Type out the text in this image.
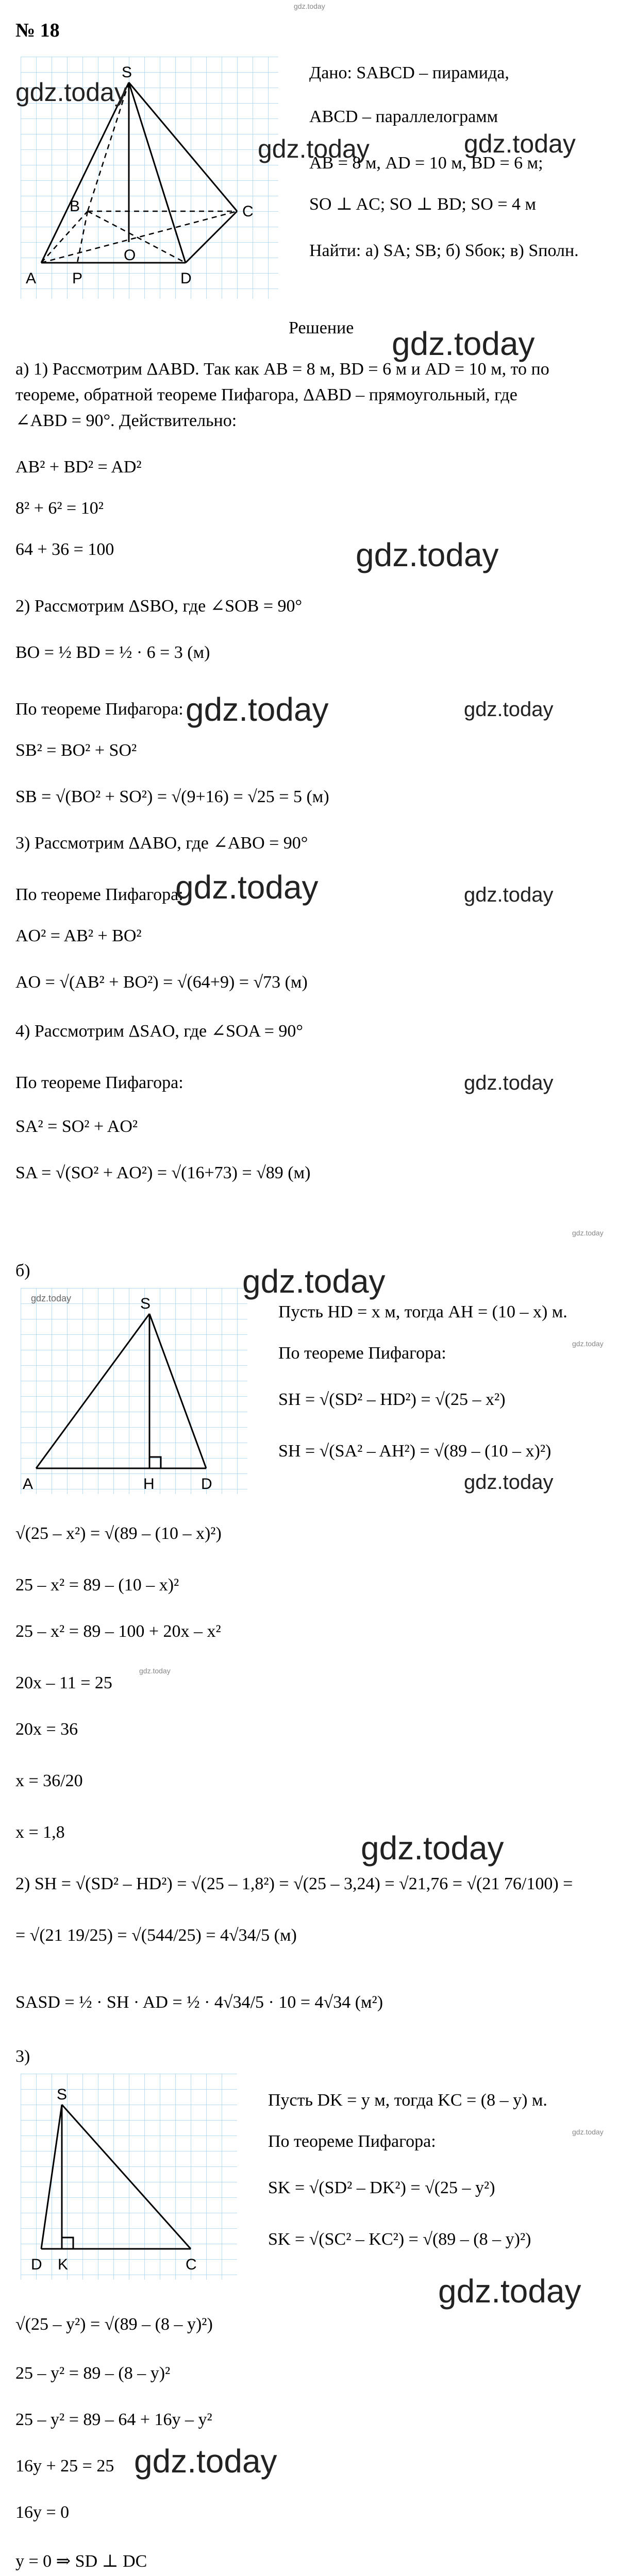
gdz.today
№ 18
S
A
B	C
D
O
P
gdz.today
Дано: SABCD – пирамида,
ABCD – параллелограмм
gdz.today	gdz.today
AB = 8 м, AD = 10 м, BD = 6 м;
SO ⊥ AC; SO ⊥ BD; SO = 4 м
Найти: а) SA; SB; б) Sбок; в) Sполн.
Решение gdz.today
а) 1) Рассмотрим ΔABD. Так как AB = 8 м, BD = 6 м и AD = 10 м, то по
теореме, обратной теореме Пифагора, ΔABD – прямоугольный, где
∠ABD = 90°. Действительно:
AB² + BD² = AD²
8² + 6² = 10²
64 + 36 = 100	gdz.today
2) Рассмотрим ΔSBO, где ∠SOB = 90°
BO = ½ BD = ½ · 6 = 3 (м)
По теореме Пифагора: gdz.today	gdz.today
SB² = BO² + SO²
SB = √(BO² + SO²) = √(9+16) = √25 = 5 (м)
3) Рассмотрим ΔABO, где ∠ABO = 90°
По теореме Пифагора:
gdz.today	gdz.today
AO² = AB² + BO²
AO = √(AB² + BO²) = √(64+9) = √73 (м)
4) Рассмотрим ΔSAO, где ∠SOA = 90°
По теореме Пифагора:	gdz.today
SA² = SO² + AO²
SA = √(SO² + AO²) = √(16+73) = √89 (м)
gdz.today
б)
S
A	H	D
gdz.today	gdz.today
Пусть HD = x м, тогда AH = (10 – x) м.
По теореме Пифагора:	gdz.today
SH = √(SD² – HD²) = √(25 – x²)
SH = √(SA² – AH²) = √(89 – (10 – x)²)
gdz.today
√(25 – x²) = √(89 – (10 – x)²)
25 – x² = 89 – (10 – x)²
25 – x² = 89 – 100 + 20x – x²
gdz.today
20x – 11 = 25
20x = 36
x = 36/20
x = 1,8	gdz.today
2) SH = √(SD² – HD²) = √(25 – 1,8²) = √(25 – 3,24) = √21,76 = √(21 76/100) =
= √(21 19/25) = √(544/25) = 4√34/5 (м)
SASD = ½ · SH · AD = ½ · 4√34/5 · 10 = 4√34 (м²)
3)
S
D K	C
Пусть DK = y м, тогда KC = (8 – y) м.
По теореме Пифагора:	gdz.today
SK = √(SD² – DK²) = √(25 – y²)
SK = √(SC² – KC²) = √(89 – (8 – y)²)
gdz.today
√(25 – y²) = √(89 – (8 – y)²)
25 – y² = 89 – (8 – y)²
25 – y² = 89 – 64 + 16y – y²
gdz.today
16y + 25 = 25
16y = 0
y = 0 ⇒ SD ⊥ DC
